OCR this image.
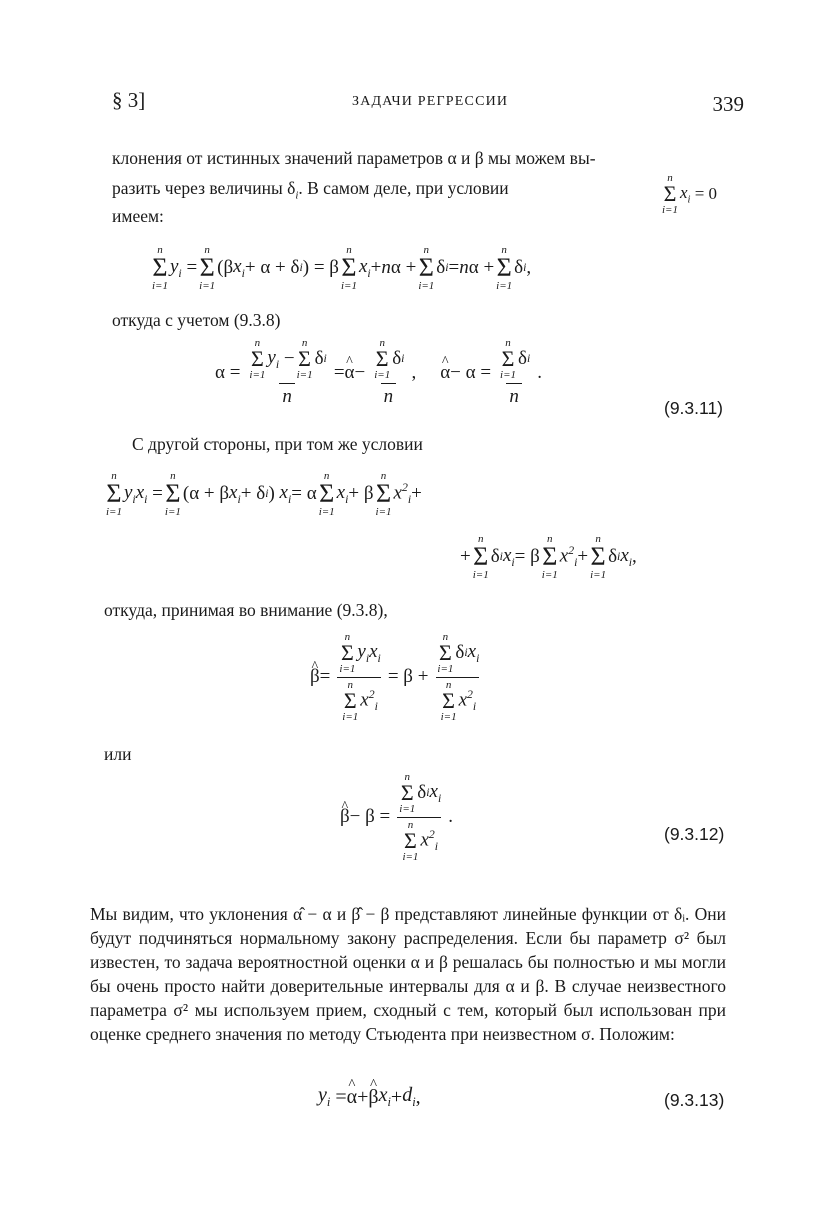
§ 3]	ЗАДАЧИ РЕГРЕССИИ	339
клонения от истинных значений параметров α и β мы можем вы-
разить через величины $\delta_i$. В самом деле, при условии	n
Σ
i=1
$x_i = 0$
имеем:
n
Σ
i=1
$y_i$ =
n
Σ
i=1
(β $x_i + \alpha + \delta$ i ) = β
n
Σ
i=1
$x_i + n$ α +
n
Σ
i=1
δ i = n α +
n
Σ
i=1
δ i ,
откуда с учетом (9.3.8)
α = n
Σ
i=1
$y_i$ −
n
Σ
i=1
δ i
n = ^ α − n
Σ
i=1
δ i
n , ^ α − α = n
Σ
i=1
δ i
n .
(9.3.11)
С другой стороны, при том же условии
n
Σ
i=1
$y_ix_i$ =
n
Σ
i=1
(α + β $x_i + \delta$ i ) $x_i = \alpha$
n
Σ
i=1
$x_i + \beta$
n
Σ
i=1
$x^2_i$ +
+
n
Σ
i=1
δ i $x_i = \beta$
n
Σ
i=1
$x^2_i$ +
n
Σ
i=1
δ i $x_i$ ,
откуда, принимая во внимание (9.3.8),
^ β = n
Σ
i=1
$y_ix_i$
n
Σ
i=1
$x^2_i = \beta + n$
Σ
i=1
δ i $x_i$
n
Σ
i=1
$x^2_i$
или
^ β − β = n
Σ
i=1
δ i $x_i$
n
Σ
i=1
$x^2_i$ .
(9.3.12)
Мы видим, что уклонения α̂ − α и β̂ − β представляют линейные функции от δᵢ. Они будут подчиняться нормальному закону распределения. Если бы параметр σ² был известен, то задача вероятностной оценки α и β решалась бы полностью и мы могли бы очень просто найти доверительные интервалы для α и β. В случае неизвестного параметра σ² мы используем прием, сходный с тем, который был использован при оценке среднего значения по методу Стьюдента при неизвестном σ. Положим:
$y_i$ = ^ α + ^ β $x_i + d_i$ ,	(9.3.13)
